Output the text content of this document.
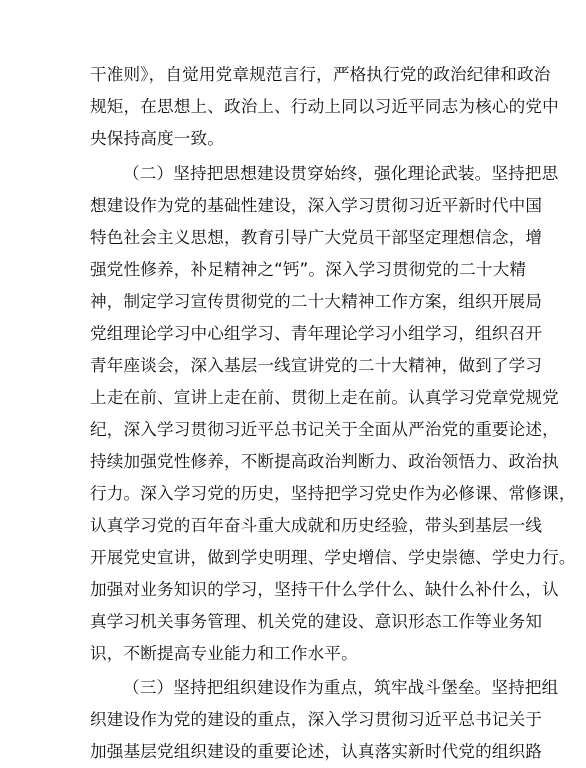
干准则》，自觉用党章规范言行，严格执行党的政治纪律和政治
规矩，在思想上、政治上、行动上同以习近平同志为核心的党中
央保持高度一致。
（二）坚持把思想建设贯穿始终，强化理论武装。坚持把思
想建设作为党的基础性建设，深入学习贯彻习近平新时代中国
特色社会主义思想，教育引导广大党员干部坚定理想信念，增
强党性修养，补足精神之“钙”。深入学习贯彻党的二十大精
神，制定学习宣传贯彻党的二十大精神工作方案，组织开展局
党组理论学习中心组学习、青年理论学习小组学习，组织召开
青年座谈会，深入基层一线宣讲党的二十大精神，做到了学习
上走在前、宣讲上走在前、贯彻上走在前。认真学习党章党规党
纪，深入学习贯彻习近平总书记关于全面从严治党的重要论述，
持续加强党性修养，不断提高政治判断力、政治领悟力、政治执
行力。深入学习党的历史，坚持把学习党史作为必修课、常修课，
认真学习党的百年奋斗重大成就和历史经验，带头到基层一线
开展党史宣讲，做到学史明理、学史增信、学史崇德、学史力行。
加强对业务知识的学习，坚持干什么学什么、缺什么补什么，认
真学习机关事务管理、机关党的建设、意识形态工作等业务知
识，不断提高专业能力和工作水平。
（三）坚持把组织建设作为重点，筑牢战斗堡垒。坚持把组
织建设作为党的建设的重点，深入学习贯彻习近平总书记关于
加强基层党组织建设的重要论述，认真落实新时代党的组织路
